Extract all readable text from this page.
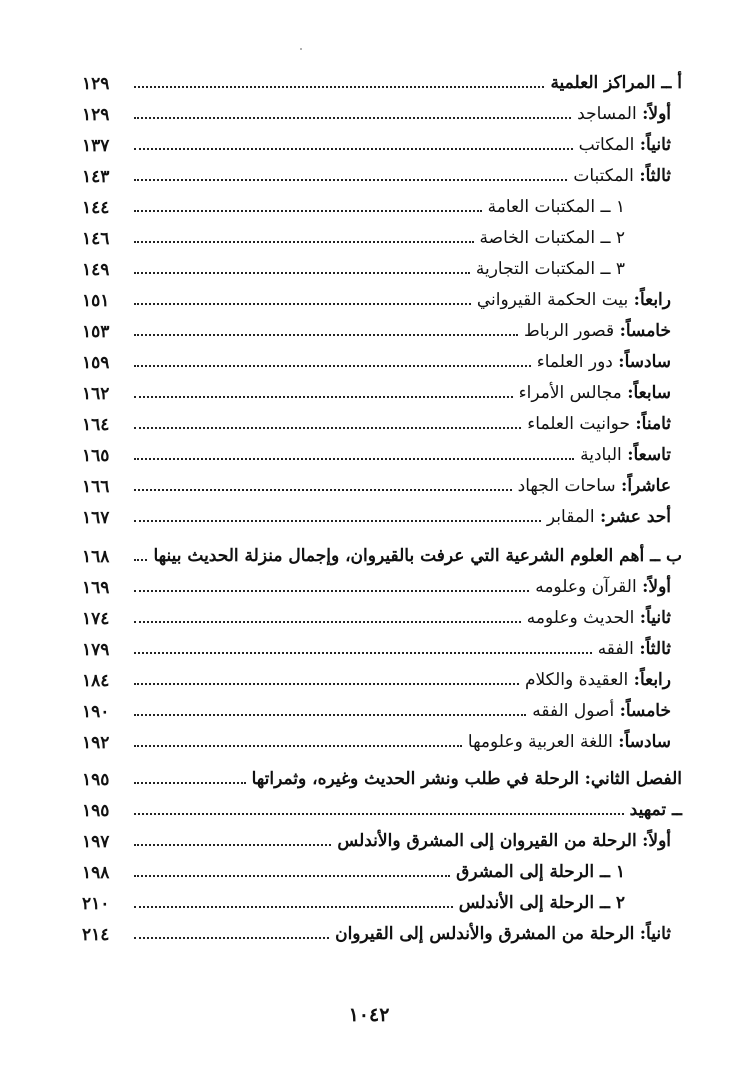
١٢٩	أ ــ المراكز العلمية
١٢٩	أولاً: المساجد
١٣٧	ثانياً: المكاتب
١٤٣	ثالثاً: المكتبات
١٤٤	١ ــ المكتبات العامة
١٤٦	٢ ــ المكتبات الخاصة
١٤٩	٣ ــ المكتبات التجارية
١٥١	رابعاً: بيت الحكمة القيرواني
١٥٣	خامساً: قصور الرباط
١٥٩	سادساً: دور العلماء
١٦٢	سابعاً: مجالس الأمراء
١٦٤	ثامناً: حوانيت العلماء
١٦٥	تاسعاً: البادية
١٦٦	عاشراً: ساحات الجهاد
١٦٧	أحد عشر: المقابر
١٦٨	ب ــ أهم العلوم الشرعية التي عرفت بالقيروان، وإجمال منزلة الحديث بينها
١٦٩	أولاً: القرآن وعلومه
١٧٤	ثانياً: الحديث وعلومه
١٧٩	ثالثاً: الفقه
١٨٤	رابعاً: العقيدة والكلام
١٩٠	خامساً: أصول الفقه
١٩٢	سادساً: اللغة العربية وعلومها
١٩٥	الفصل الثاني: الرحلة في طلب ونشر الحديث وغيره، وثمراتها
١٩٥	ــ تمهيد
١٩٧	أولاً: الرحلة من القيروان إلى المشرق والأندلس
١٩٨	١ ــ الرحلة إلى المشرق
٢١٠	٢ ــ الرحلة إلى الأندلس
٢١٤	ثانياً: الرحلة من المشرق والأندلس إلى القيروان
١٠٤٢
